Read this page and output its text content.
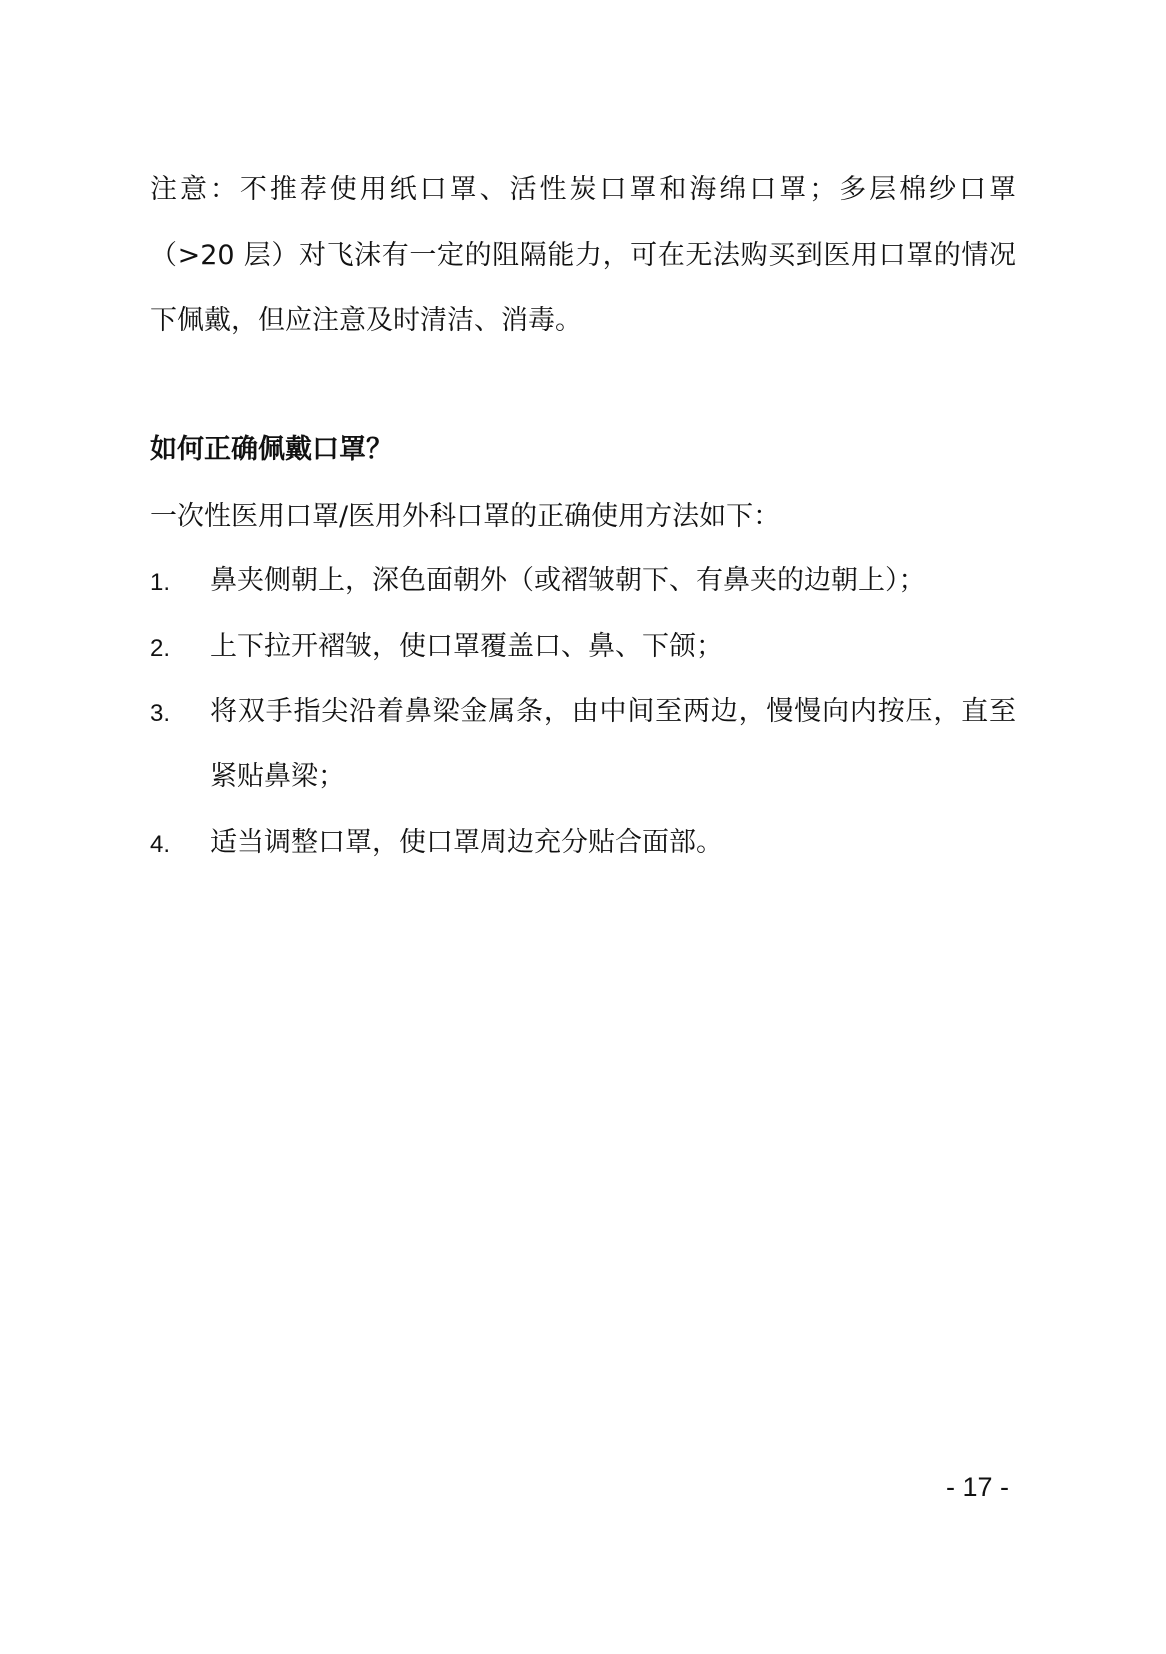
注意：不推荐使用纸口罩、活性炭口罩和海绵口罩；多层棉纱口罩
（>20 层）对飞沫有一定的阻隔能力，可在无法购买到医用口罩的情况
下佩戴，但应注意及时清洁、消毒。
如何正确佩戴口罩？
一次性医用口罩/医用外科口罩的正确使用方法如下：
1. 鼻夹侧朝上，深色面朝外（或褶皱朝下、有鼻夹的边朝上）；
2. 上下拉开褶皱，使口罩覆盖口、鼻、下颌；
3. 将双手指尖沿着鼻梁金属条，由中间至两边，慢慢向内按压，直至
紧贴鼻梁；
4. 适当调整口罩，使口罩周边充分贴合面部。
- 17 -
